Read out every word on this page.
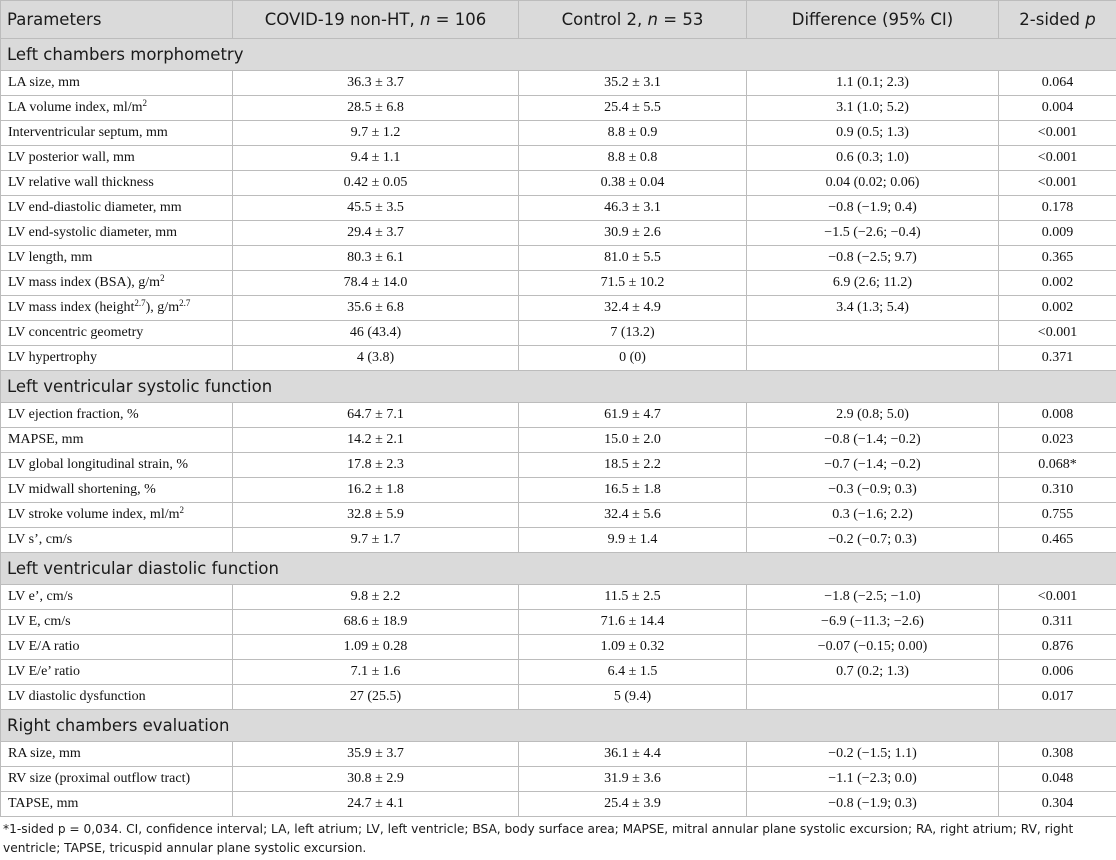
Parameters	COVID-19 non-HT, n = 106	Control 2, n = 53	Difference (95% CI)	2-sided p
Left chambers morphometry				
LA size, mm	36.3 ± 3.7	35.2 ± 3.1	1.1 (0.1; 2.3)	0.064
LA volume index, $ml/m^2$	28.5 ± 6.8	25.4 ± 5.5	3.1 (1.0; 5.2)	0.004
Interventricular septum, mm	9.7 ± 1.2	8.8 ± 0.9	0.9 (0.5; 1.3)	<0.001
LV posterior wall, mm	9.4 ± 1.1	8.8 ± 0.8	0.6 (0.3; 1.0)	<0.001
LV relative wall thickness	0.42 ± 0.05	0.38 ± 0.04	0.04 (0.02; 0.06)	<0.001
LV end-diastolic diameter, mm	45.5 ± 3.5	46.3 ± 3.1	−0.8 (−1.9; 0.4)	0.178
LV end-systolic diameter, mm	29.4 ± 3.7	30.9 ± 2.6	−1.5 (−2.6; −0.4)	0.009
LV length, mm	80.3 ± 6.1	81.0 ± 5.5	−0.8 (−2.5; 9.7)	0.365
LV mass index (BSA), $g/m^2$	78.4 ± 14.0	71.5 ± 10.2	6.9 (2.6; 11.2)	0.002
LV mass index (height$^{2.7}$), $g/m^{2.7}$	35.6 ± 6.8	32.4 ± 4.9	3.4 (1.3; 5.4)	0.002
LV concentric geometry	46 (43.4)	7 (13.2)		<0.001
LV hypertrophy	4 (3.8)	0 (0)		0.371
Left ventricular systolic function				
LV ejection fraction, %	64.7 ± 7.1	61.9 ± 4.7	2.9 (0.8; 5.0)	0.008
MAPSE, mm	14.2 ± 2.1	15.0 ± 2.0	−0.8 (−1.4; −0.2)	0.023
LV global longitudinal strain, %	17.8 ± 2.3	18.5 ± 2.2	−0.7 (−1.4; −0.2)	0.068*
LV midwall shortening, %	16.2 ± 1.8	16.5 ± 1.8	−0.3 (−0.9; 0.3)	0.310
LV stroke volume index, $ml/m^2$	32.8 ± 5.9	32.4 ± 5.6	0.3 (−1.6; 2.2)	0.755
LV s’, cm/s	9.7 ± 1.7	9.9 ± 1.4	−0.2 (−0.7; 0.3)	0.465
Left ventricular diastolic function				
LV e’, cm/s	9.8 ± 2.2	11.5 ± 2.5	−1.8 (−2.5; −1.0)	<0.001
LV E, cm/s	68.6 ± 18.9	71.6 ± 14.4	−6.9 (−11.3; −2.6)	0.311
LV E/A ratio	1.09 ± 0.28	1.09 ± 0.32	−0.07 (−0.15; 0.00)	0.876
LV E/e’ ratio	7.1 ± 1.6	6.4 ± 1.5	0.7 (0.2; 1.3)	0.006
LV diastolic dysfunction	27 (25.5)	5 (9.4)		0.017
Right chambers evaluation				
RA size, mm	35.9 ± 3.7	36.1 ± 4.4	−0.2 (−1.5; 1.1)	0.308
RV size (proximal outflow tract)	30.8 ± 2.9	31.9 ± 3.6	−1.1 (−2.3; 0.0)	0.048
TAPSE, mm	24.7 ± 4.1	25.4 ± 3.9	−0.8 (−1.9; 0.3)	0.304
*1-sided p = 0,034. CI, confidence interval; LA, left atrium; LV, left ventricle; BSA, body surface area; MAPSE, mitral annular plane systolic excursion; RA, right atrium; RV, right ventricle; TAPSE, tricuspid annular plane systolic excursion.
